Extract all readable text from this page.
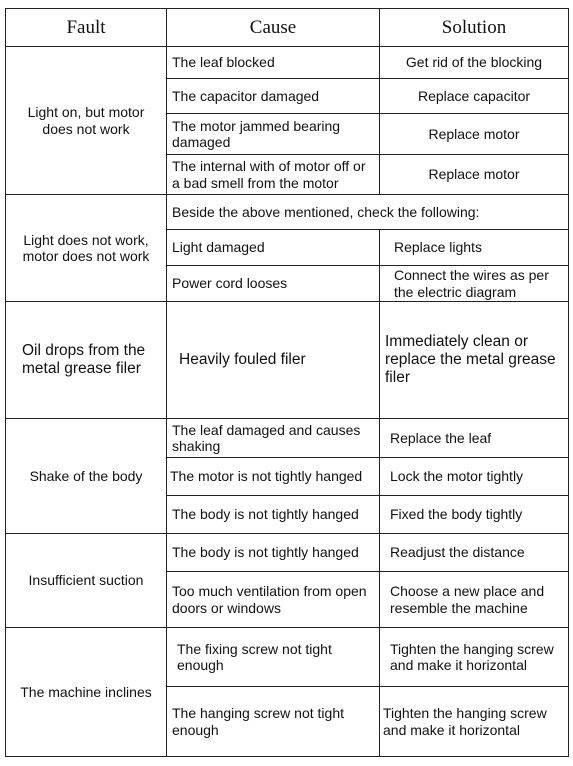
Fault	Cause	Solution
Light on, but motor does not work	The leaf blocked	Get rid of the blocking
	The capacitor damaged	Replace capacitor
	The motor jammed bearing damaged	Replace motor
	The internal with of motor off or a bad smell from the motor	Replace motor
Light does not work, motor does not work	Beside the above mentioned, check the following:	
	Light damaged	Replace lights
	Power cord looses	Connect the wires as per the electric diagram
Oil drops from the metal grease filer	Heavily fouled filer	Immediately clean or replace the metal grease filer
Shake of the body	The leaf damaged and causes shaking	Replace the leaf
	The motor is not tightly hanged	Lock the motor tightly
	The body is not tightly hanged	Fixed the body tightly
Insufficient suction	The body is not tightly hanged	Readjust the distance
	Too much ventilation from open doors or windows	Choose a new place and resemble the machine
The machine inclines	The fixing screw not tight enough	Tighten the hanging screw and make it horizontal
	The hanging screw not tight enough	Tighten the hanging screw and make it horizontal
